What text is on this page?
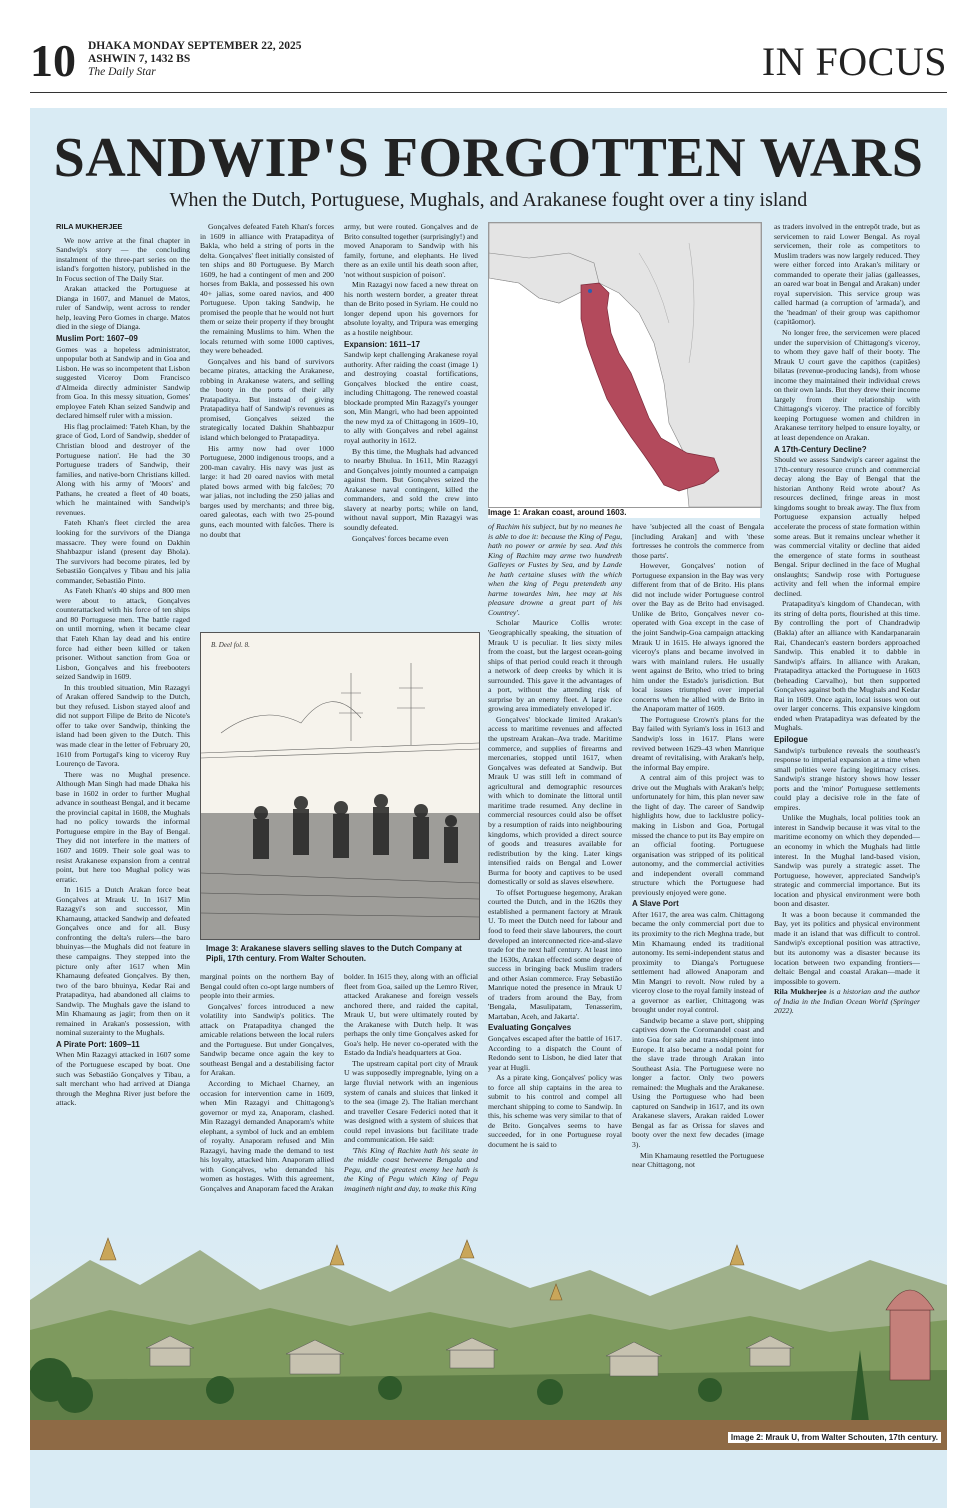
10 DHAKA MONDAY SEPTEMBER 22, 2025
ASHWIN 7, 1432 BS
The Daily Star	IN FOCUS
SANDWIP'S FORGOTTEN WARS
When the Dutch, Portuguese, Mughals, and Arakanese fought over a tiny island
RILA MUKHERJEE

We now arrive at the final chapter in Sandwip's story — the concluding instalment of the three-part series on the island's forgotten history, published in the In Focus section of The Daily Star.

Arakan attacked the Portuguese at Dianga in 1607, and Manuel de Matos, ruler of Sandwip, went across to render help, leaving Pero Gomes in charge. Matos died in the siege of Dianga.

Muslim Port: 1607–09

Gomes was a hopeless administrator, unpopular both at Sandwip and in Goa and Lisbon. He was so incompetent that Lisbon suggested Viceroy Dom Francisco d'Almeida directly administer Sandwip from Goa. In this messy situation, Gomes' employee Fateh Khan seized Sandwip and declared himself ruler with a mission.

His flag proclaimed: 'Fateh Khan, by the grace of God, Lord of Sandwip, shedder of Christian blood and destroyer of the Portuguese nation'. He had the 30 Portuguese traders of Sandwip, their families, and native-born Christians killed. Along with his army of 'Moors' and Pathans, he created a fleet of 40 boats, which he maintained with Sandwip's revenues.

Fateh Khan's fleet circled the area looking for the survivors of the Dianga massacre. They were found on Dakhin Shahbazpur island (present day Bhola). The survivors had become pirates, led by Sebastião Gonçalves y Tibau and his jalia commander, Sebastião Pinto.

As Fateh Khan's 40 ships and 800 men were about to attack, Gonçalves counterattacked with his force of ten ships and 80 Portuguese men. The battle raged on until morning, when it became clear that Fateh Khan lay dead and his entire force had either been killed or taken prisoner. Without sanction from Goa or Lisbon, Gonçalves and his freebooters seized Sandwip in 1609.

In this troubled situation, Min Razagyi of Arakan offered Sandwip to the Dutch, but they refused. Lisbon stayed aloof and did not support Filipe de Brito de Nicote's offer to take over Sandwip, thinking the island had been given to the Dutch. This was made clear in the letter of February 20, 1610 from Portugal's king to viceroy Ruy Lourenço de Tavora.

There was no Mughal presence. Although Man Singh had made Dhaka his base in 1602 in order to further Mughal advance in southeast Bengal, and it became the provincial capital in 1608, the Mughals had no policy towards the informal Portuguese empire in the Bay of Bengal. They did not interfere in the matters of 1607 and 1609. Their sole goal was to resist Arakanese expansion from a central point, but here too Mughal policy was erratic.

In 1615 a Dutch Arakan force beat Gonçalves at Mrauk U. In 1617 Min Razagyi's son and successor, Min Khamaung, attacked Sandwip and defeated Gonçalves once and for all. Busy confronting the delta's rulers—the baro bhuinyas—the Mughals did not feature in these campaigns. They stepped into the picture only after 1617 when Min Khamaung defeated Gonçalves. By then, two of the baro bhuinya, Kedar Rai and Pratapaditya, had abandoned all claims to Sandwip. The Mughals gave the island to Min Khamaung as jagir; from then on it remained in Arakan's possession, with nominal suzerainty to the Mughals.

A Pirate Port: 1609–11

When Min Razagyi attacked in 1607 some of the Portuguese escaped by boat. One such was Sebastião Gonçalves y Tibau, a salt merchant who had arrived at Dianga through the Meghna River just before the attack.

Gonçalves defeated Fateh Khan's forces in 1609 in alliance with Pratapaditya of Bakla, who held a string of ports in the delta. Gonçalves' fleet initially consisted of ten ships and 80 Portuguese. By March 1609, he had a contingent of men and 200 horses from Bakla, and possessed his own 40+ jalias, some oared navios, and 400 Portuguese. Upon taking Sandwip, he promised the people that he would not hurt them or seize their property if they brought the remaining Muslims to him. When the locals returned with some 1000 captives, they were beheaded.

Gonçalves and his band of survivors became pirates, attacking the Arakanese, robbing in Arakanese waters, and selling the booty in the ports of their ally Pratapaditya. But instead of giving Pratapaditya half of Sandwip's revenues as promised, Gonçalves seized the strategically located Dakhin Shahbazpur island which belonged to Pratapaditya.

His army now had over 1000 Portuguese, 2000 indigenous troops, and a 200-man cavalry. His navy was just as large: it had 20 oared navios with metal plated bows armed with big falcões; 70 war jalias, not including the 250 jalias and barges used by merchants; and three big, oared galeotas, each with two 25-pound guns, each mounted with falcões. There is no doubt that

army, but were routed. Gonçalves and de Brito consulted together (surprisingly!) and moved Anaporam to Sandwip with his family, fortune, and elephants. He lived there as an exile until his death soon after, 'not without suspicion of poison'.

Min Razagyi now faced a new threat on his north western border, a greater threat than de Brito posed in Syriam. He could no longer depend upon his governors for absolute loyalty, and Tripura was emerging as a hostile neighbour.

Expansion: 1611–17

Sandwip kept challenging Arakanese royal authority. After raiding the coast (image 1) and destroying coastal fortifications, Gonçalves blocked the entire coast, including Chittagong. The renewed coastal blockade prompted Min Razagyi's younger son, Min Mangri, who had been appointed the new myd za of Chittagong in 1609–10, to ally with Gonçalves and rebel against royal authority in 1612.

By this time, the Mughals had advanced to nearby Bhulua. In 1611, Min Razagyi and Gonçalves jointly mounted a campaign against them. But Gonçalves seized the Arakanese naval contingent, killed the commanders, and sold the crew into slavery at nearby ports; while on land, without naval support, Min Razagyi was soundly defeated.

Gonçalves' forces became even

B. Deel fol. 8.
Image 3: Arakanese slavers selling slaves to the Dutch Company at Pipli, 17th century. From Walter Schouten.

marginal points on the northern Bay of Bengal could often co-opt large numbers of people into their armies.

Gonçalves' forces introduced a new volatility into Sandwip's politics. The attack on Pratapaditya changed the amicable relations between the local rulers and the Portuguese. But under Gonçalves, Sandwip became once again the key to southeast Bengal and a destabilising factor for Arakan.

According to Michael Charney, an occasion for intervention came in 1609, when Min Razagyi and Chittagong's governor or myd za, Anaporam, clashed. Min Razagyi demanded Anaporam's white elephant, a symbol of luck and an emblem of royalty. Anaporam refused and Min Razagyi, having made the demand to test his loyalty, attacked him. Anaporam allied with Gonçalves, who demanded his women as hostages. With this agreement, Gonçalves and Anaporam faced the Arakan

bolder. In 1615 they, along with an official fleet from Goa, sailed up the Lemro River, attacked Arakanese and foreign vessels anchored there, and raided the capital, Mrauk U, but were ultimately routed by the Arakanese with Dutch help. It was perhaps the only time Gonçalves asked for Goa's help. He never co-operated with the Estado da India's headquarters at Goa.

The upstream capital port city of Mrauk U was supposedly impregnable, lying on a large fluvial network with an ingenious system of canals and sluices that linked it to the sea (image 2). The Italian merchant and traveller Cesare Federici noted that it was designed with a system of sluices that could repel invasions but facilitate trade and communication. He said:

'This King of Rachim hath his seate in the middle coast betweene Bengala and Pegu, and the greatest enemy hee hath is the King of Pegu which King of Pegu imagineth night and day, to make this King

Image 1: Arakan coast, around 1603.

of Rachim his subject, but by no meanes he is able to doe it: because the King of Pegu, hath no power or armie by sea. And this King of Rachim may arme two hundreth Galleyes or Fustes by Sea, and by Lande he hath certaine sluses with the which when the king of Pegu pretendeth any harme towardes him, hee may at his pleasure drowne a great part of his Countrey'.

Scholar Maurice Collis wrote: 'Geographically speaking, the situation of Mrauk U is peculiar. It lies sixty miles from the coast, but the largest ocean-going ships of that period could reach it through a network of deep creeks by which it is surrounded. This gave it the advantages of a port, without the attending risk of surprise by an enemy fleet. A large rice growing area immediately enveloped it'.

Gonçalves' blockade limited Arakan's access to maritime revenues and affected the upstream Arakan–Ava trade. Maritime commerce, and supplies of firearms and mercenaries, stopped until 1617, when Gonçalves was defeated at Sandwip. But Mrauk U was still left in command of agricultural and demographic resources with which to dominate the littoral until maritime trade resumed. Any decline in commercial resources could also be offset by a resumption of raids into neighbouring kingdoms, which provided a direct source of goods and treasures available for redistribution by the king. Later kings intensified raids on Bengal and Lower Burma for booty and captives to be used domestically or sold as slaves elsewhere.

To offset Portuguese hegemony, Arakan courted the Dutch, and in the 1620s they established a permanent factory at Mrauk U. To meet the Dutch need for labour and food to feed their slave labourers, the court developed an interconnected rice-and-slave trade for the next half century. At least into the 1630s, Arakan effected some degree of success in bringing back Muslim traders and other Asian commerce. Fray Sebastião Manrique noted the presence in Mrauk U of traders from around the Bay, from 'Bengala, Masulipatam, Tenasserim, Martaban, Aceh, and Jakarta'.

Evaluating Gonçalves

Gonçalves escaped after the battle of 1617. According to a dispatch the Count of Redondo sent to Lisbon, he died later that year at Hugli.

As a pirate king, Gonçalves' policy was to force all ship captains in the area to submit to his control and compel all merchant shipping to come to Sandwip. In this, his scheme was very similar to that of de Brito. Gonçalves seems to have succeeded, for in one Portuguese royal document he is said to

have 'subjected all the coast of Bengala [including Arakan] and with 'these fortresses he controls the commerce from those parts'.

However, Gonçalves' notion of Portuguese expansion in the Bay was very different from that of de Brito. His plans did not include wider Portuguese control over the Bay as de Brito had envisaged. Unlike de Brito, Gonçalves never co-operated with Goa except in the case of the joint Sandwip-Goa campaign attacking Mrauk U in 1615. He always ignored the viceroy's plans and became involved in wars with mainland rulers. He usually went against de Brito, who tried to bring him under the Estado's jurisdiction. But local issues triumphed over imperial concerns when he allied with de Brito in the Anaporam matter of 1609.

The Portuguese Crown's plans for the Bay failed with Syriam's loss in 1613 and Sandwip's loss in 1617. Plans were revived between 1629–43 when Manrique dreamt of revitalising, with Arakan's help, the informal Bay empire.

A central aim of this project was to drive out the Mughals with Arakan's help; unfortunately for him, this plan never saw the light of day. The career of Sandwip highlights how, due to lacklustre policy-making in Lisbon and Goa, Portugal missed the chance to put its Bay empire on an official footing. Portuguese organisation was stripped of its political autonomy, and the commercial activities and independent overall command structure which the Portuguese had previously enjoyed were gone.

A Slave Port

After 1617, the area was calm. Chittagong became the only commercial port due to its proximity to the rich Meghna trade, but Min Khamaung ended its traditional autonomy. Its semi-independent status and proximity to Dianga's Portuguese settlement had allowed Anaporam and Min Mangri to revolt. Now ruled by a viceroy close to the royal family instead of a governor as earlier, Chittagong was brought under royal control.

Sandwip became a slave port, shipping captives down the Coromandel coast and into Goa for sale and trans-shipment into Europe. It also became a nodal point for the slave trade through Arakan into Southeast Asia. The Portuguese were no longer a factor. Only two powers remained: the Mughals and the Arakanese. Using the Portuguese who had been captured on Sandwip in 1617, and its own Arakanese slavers, Arakan raided Lower Bengal as far as Orissa for slaves and booty over the next few decades (image 3).

Min Khamaung resettled the Portuguese near Chittagong, not

as traders involved in the entrepôt trade, but as servicemen to raid Lower Bengal. As royal servicemen, their role as competitors to Muslim traders was now largely reduced. They were either forced into Arakan's military or commanded to operate their jalias (galleasses, an oared war boat in Bengal and Arakan) under royal supervision. This service group was called harmad (a corruption of 'armada'), and the 'headman' of their group was capithomor (capitãomor).

No longer free, the servicemen were placed under the supervision of Chittagong's viceroy, to whom they gave half of their booty. The Mrauk U court gave the capithos (capitães) bilatas (revenue-producing lands), from whose income they maintained their individual crews on their own lands. But they drew their income largely from their relationship with Chittagong's viceroy. The practice of forcibly keeping Portuguese women and children in Arakanese territory helped to ensure loyalty, or at least dependence on Arakan.

A 17th-Century Decline?

Should we assess Sandwip's career against the 17th-century resource crunch and commercial decay along the Bay of Bengal that the historian Anthony Reid wrote about? As resources declined, fringe areas in most kingdoms sought to break away. The flux from Portuguese expansion actually helped accelerate the process of state formation within some areas. But it remains unclear whether it was commercial vitality or decline that aided the emergence of state forms in southeast Bengal. Sripur declined in the face of Mughal onslaughts; Sandwip rose with Portuguese activity and fell when the informal empire declined.

Pratapaditya's kingdom of Chandecan, with its string of delta ports, flourished at this time. By controlling the port of Chandradwip (Bakla) after an alliance with Kandarpanarain Rai, Chandecan's eastern borders approached Sandwip. This enabled it to dabble in Sandwip's affairs. In alliance with Arakan, Pratapaditya attacked the Portuguese in 1603 (beheading Carvalho), but then supported Gonçalves against both the Mughals and Kedar Rai in 1609. Once again, local issues won out over larger concerns. This expansive kingdom ended when Pratapaditya was defeated by the Mughals.

Epilogue

Sandwip's turbulence reveals the southeast's response to imperial expansion at a time when small polities were facing legitimacy crises. Sandwip's strange history shows how lesser ports and the 'minor' Portuguese settlements could play a decisive role in the fate of empires.

Unlike the Mughals, local polities took an interest in Sandwip because it was vital to the maritime economy on which they depended—an economy in which the Mughals had little interest. In the Mughal land-based vision, Sandwip was purely a strategic asset. The Portuguese, however, appreciated Sandwip's strategic and commercial importance. But its location and physical environment were both boon and disaster.

It was a boon because it commanded the Bay, yet its politics and physical environment made it an island that was difficult to control. Sandwip's exceptional position was attractive, but its autonomy was a disaster because its location between two expanding frontiers—deltaic Bengal and coastal Arakan—made it impossible to govern.

Rila Mukherjee is a historian and the author of India in the Indian Ocean World (Springer 2022).

Image 2: Mrauk U, from Walter Schouten, 17th century.
